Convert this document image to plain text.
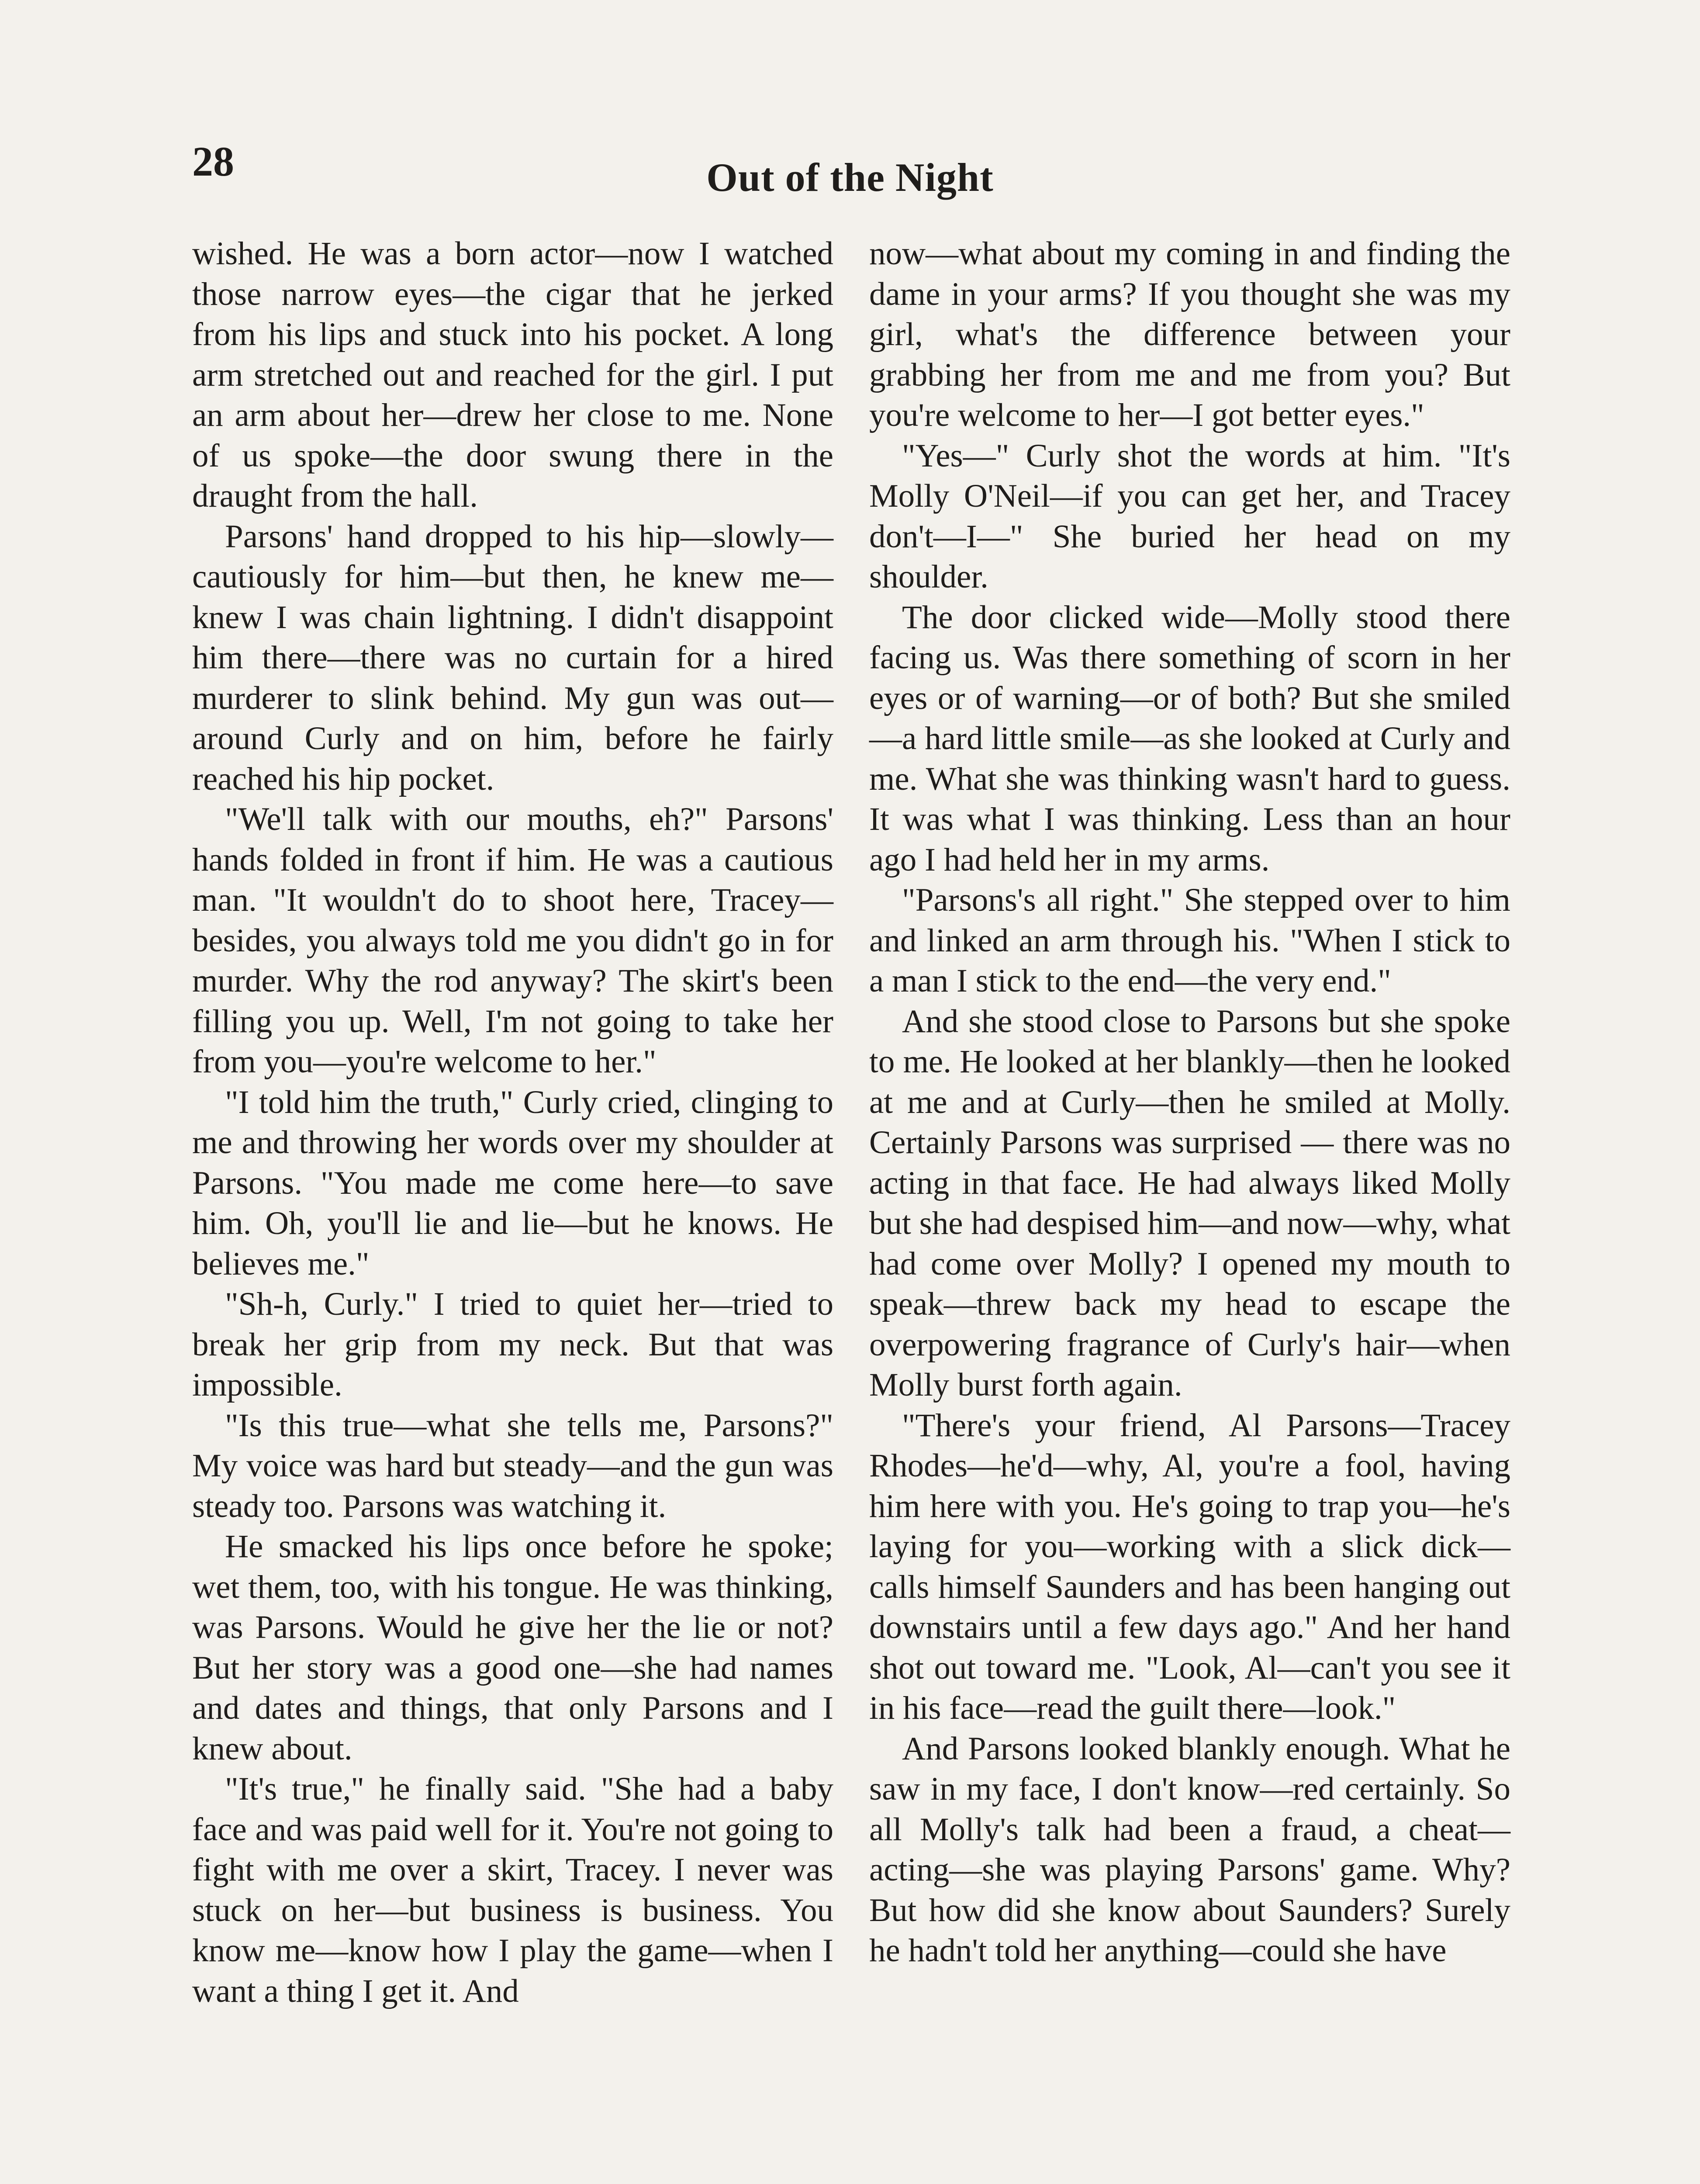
28	Out of the Night

wished. He was a born actor—now I watched those narrow eyes—the cigar that he jerked from his lips and stuck into his pocket. A long arm stretched out and reached for the girl. I put an arm about her—drew her close to me. None of us spoke—the door swung there in the draught from the hall.

Parsons' hand dropped to his hip—slowly—cautiously for him—but then, he knew me—knew I was chain lightning. I didn't disappoint him there—there was no curtain for a hired murderer to slink behind. My gun was out—around Curly and on him, before he fairly reached his hip pocket.

"We'll talk with our mouths, eh?" Parsons' hands folded in front if him. He was a cautious man. "It wouldn't do to shoot here, Tracey—besides, you always told me you didn't go in for murder. Why the rod anyway? The skirt's been filling you up. Well, I'm not going to take her from you—you're welcome to her."

"I told him the truth," Curly cried, clinging to me and throwing her words over my shoulder at Parsons. "You made me come here—to save him. Oh, you'll lie and lie—but he knows. He believes me."

"Sh-h, Curly." I tried to quiet her—tried to break her grip from my neck. But that was impossible.

"Is this true—what she tells me, Parsons?" My voice was hard but steady—and the gun was steady too. Parsons was watching it.

He smacked his lips once before he spoke; wet them, too, with his tongue. He was thinking, was Parsons. Would he give her the lie or not? But her story was a good one—she had names and dates and things, that only Parsons and I knew about.

"It's true," he finally said. "She had a baby face and was paid well for it. You're not going to fight with me over a skirt, Tracey. I never was stuck on her—but business is business. You know me—know how I play the game—when I want a thing I get it. And

now—what about my coming in and finding the dame in your arms? If you thought she was my girl, what's the difference between your grabbing her from me and me from you? But you're welcome to her—I got better eyes."

"Yes—" Curly shot the words at him. "It's Molly O'Neil—if you can get her, and Tracey don't—I—" She buried her head on my shoulder.

The door clicked wide—Molly stood there facing us. Was there something of scorn in her eyes or of warning—or of both? But she smiled—a hard little smile—as she looked at Curly and me. What she was thinking wasn't hard to guess. It was what I was thinking. Less than an hour ago I had held her in my arms.

"Parsons's all right." She stepped over to him and linked an arm through his. "When I stick to a man I stick to the end—the very end."

And she stood close to Parsons but she spoke to me. He looked at her blankly—then he looked at me and at Curly—then he smiled at Molly. Certainly Parsons was surprised — there was no acting in that face. He had always liked Molly but she had despised him—and now—why, what had come over Molly? I opened my mouth to speak—threw back my head to escape the overpowering fragrance of Curly's hair—when Molly burst forth again.

"There's your friend, Al Parsons—Tracey Rhodes—he'd—why, Al, you're a fool, having him here with you. He's going to trap you—he's laying for you—working with a slick dick—calls himself Saunders and has been hanging out downstairs until a few days ago." And her hand shot out toward me. "Look, Al—can't you see it in his face—read the guilt there—look."

And Parsons looked blankly enough. What he saw in my face, I don't know—red certainly. So all Molly's talk had been a fraud, a cheat—acting—she was playing Parsons' game. Why? But how did she know about Saunders? Surely he hadn't told her anything—could she have
